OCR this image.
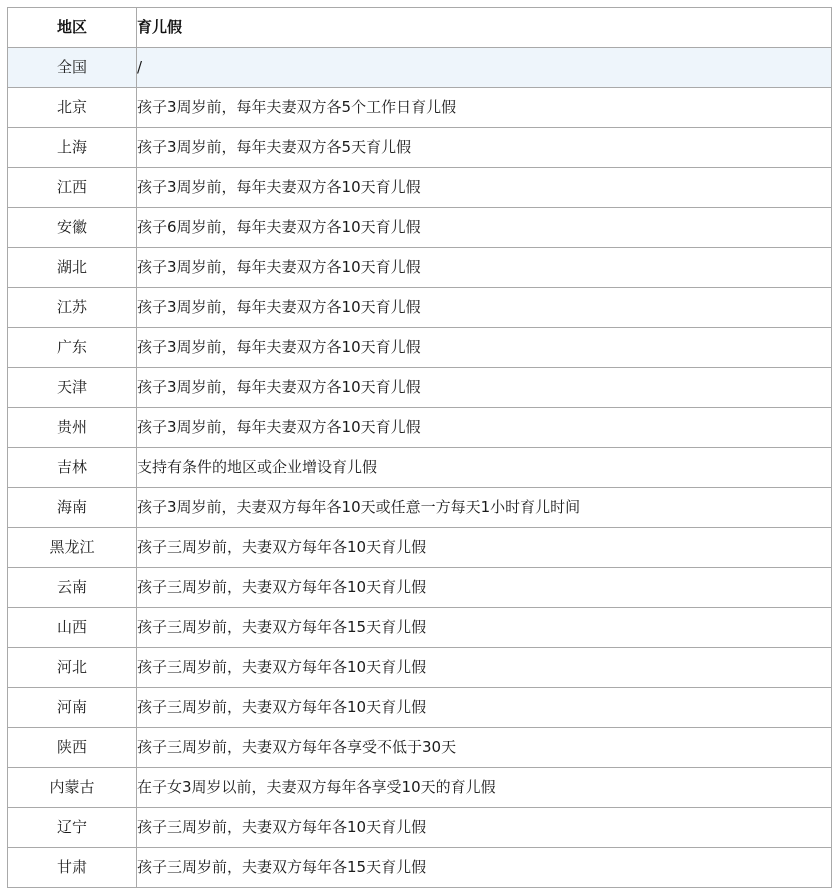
地区	育儿假
全国	/
北京	孩子3周岁前，每年夫妻双方各5个工作日育儿假
上海	孩子3周岁前，每年夫妻双方各5天育儿假
江西	孩子3周岁前，每年夫妻双方各10天育儿假
安徽	孩子6周岁前，每年夫妻双方各10天育儿假
湖北	孩子3周岁前，每年夫妻双方各10天育儿假
江苏	孩子3周岁前，每年夫妻双方各10天育儿假
广东	孩子3周岁前，每年夫妻双方各10天育儿假
天津	孩子3周岁前，每年夫妻双方各10天育儿假
贵州	孩子3周岁前，每年夫妻双方各10天育儿假
吉林	支持有条件的地区或企业增设育儿假
海南	孩子3周岁前，夫妻双方每年各10天或任意一方每天1小时育儿时间
黑龙江	孩子三周岁前，夫妻双方每年各10天育儿假
云南	孩子三周岁前，夫妻双方每年各10天育儿假
山西	孩子三周岁前，夫妻双方每年各15天育儿假
河北	孩子三周岁前，夫妻双方每年各10天育儿假
河南	孩子三周岁前，夫妻双方每年各10天育儿假
陕西	孩子三周岁前，夫妻双方每年各享受不低于30天
内蒙古	在子女3周岁以前，夫妻双方每年各享受10天的育儿假
辽宁	孩子三周岁前，夫妻双方每年各10天育儿假
甘肃	孩子三周岁前，夫妻双方每年各15天育儿假
